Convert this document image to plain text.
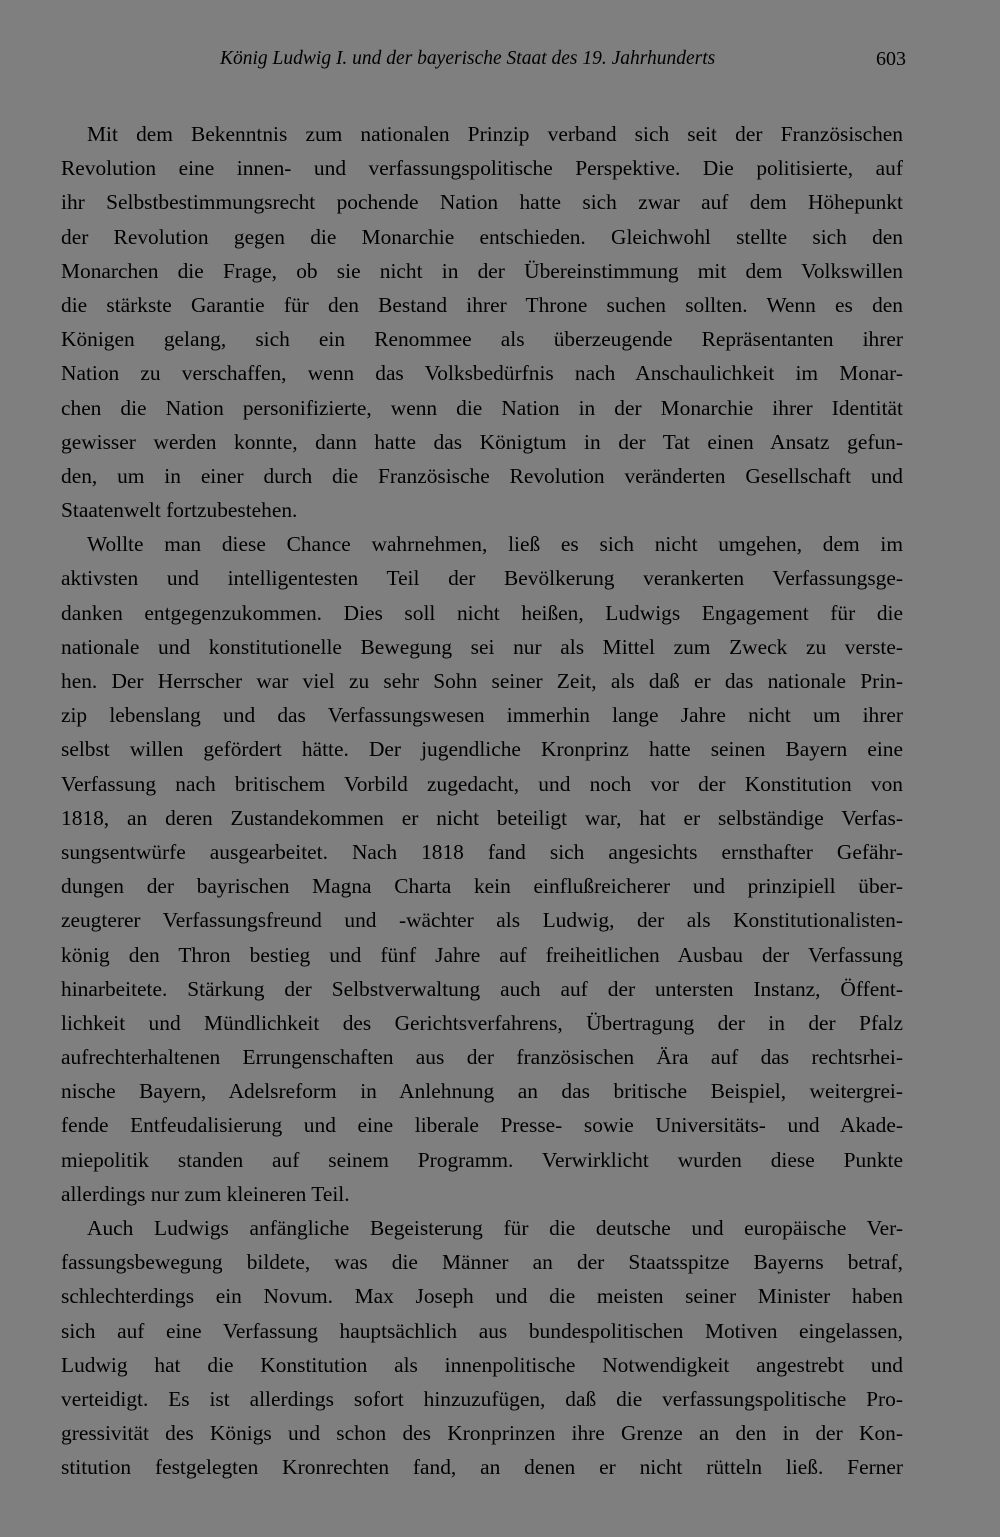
König Ludwig I. und der bayerische Staat des 19. Jahrhunderts	603
Mit dem Bekenntnis zum nationalen Prinzip verband sich seit der Französischen
Revolution eine innen- und verfassungspolitische Perspektive. Die politisierte, auf
ihr Selbstbestimmungsrecht pochende Nation hatte sich zwar auf dem Höhepunkt
der Revolution gegen die Monarchie entschieden. Gleichwohl stellte sich den
Monarchen die Frage, ob sie nicht in der Übereinstimmung mit dem Volkswillen
die stärkste Garantie für den Bestand ihrer Throne suchen sollten. Wenn es den
Königen gelang, sich ein Renommee als überzeugende Repräsentanten ihrer
Nation zu verschaffen, wenn das Volksbedürfnis nach Anschaulichkeit im Monar-
chen die Nation personifizierte, wenn die Nation in der Monarchie ihrer Identität
gewisser werden konnte, dann hatte das Königtum in der Tat einen Ansatz gefun-
den, um in einer durch die Französische Revolution veränderten Gesellschaft und
Staatenwelt fortzubestehen.
Wollte man diese Chance wahrnehmen, ließ es sich nicht umgehen, dem im
aktivsten und intelligentesten Teil der Bevölkerung verankerten Verfassungsge-
danken entgegenzukommen. Dies soll nicht heißen, Ludwigs Engagement für die
nationale und konstitutionelle Bewegung sei nur als Mittel zum Zweck zu verste-
hen. Der Herrscher war viel zu sehr Sohn seiner Zeit, als daß er das nationale Prin-
zip lebenslang und das Verfassungswesen immerhin lange Jahre nicht um ihrer
selbst willen gefördert hätte. Der jugendliche Kronprinz hatte seinen Bayern eine
Verfassung nach britischem Vorbild zugedacht, und noch vor der Konstitution von
1818, an deren Zustandekommen er nicht beteiligt war, hat er selbständige Verfas-
sungsentwürfe ausgearbeitet. Nach 1818 fand sich angesichts ernsthafter Gefähr-
dungen der bayrischen Magna Charta kein einflußreicherer und prinzipiell über-
zeugterer Verfassungsfreund und -wächter als Ludwig, der als Konstitutionalisten-
könig den Thron bestieg und fünf Jahre auf freiheitlichen Ausbau der Verfassung
hinarbeitete. Stärkung der Selbstverwaltung auch auf der untersten Instanz, Öffent-
lichkeit und Mündlichkeit des Gerichtsverfahrens, Übertragung der in der Pfalz
aufrechterhaltenen Errungenschaften aus der französischen Ära auf das rechtsrhei-
nische Bayern, Adelsreform in Anlehnung an das britische Beispiel, weitergrei-
fende Entfeudalisierung und eine liberale Presse- sowie Universitäts- und Akade-
miepolitik standen auf seinem Programm. Verwirklicht wurden diese Punkte
allerdings nur zum kleineren Teil.
Auch Ludwigs anfängliche Begeisterung für die deutsche und europäische Ver-
fassungsbewegung bildete, was die Männer an der Staatsspitze Bayerns betraf,
schlechterdings ein Novum. Max Joseph und die meisten seiner Minister haben
sich auf eine Verfassung hauptsächlich aus bundespolitischen Motiven eingelassen,
Ludwig hat die Konstitution als innenpolitische Notwendigkeit angestrebt und
verteidigt. Es ist allerdings sofort hinzuzufügen, daß die verfassungspolitische Pro-
gressivität des Königs und schon des Kronprinzen ihre Grenze an den in der Kon-
stitution festgelegten Kronrechten fand, an denen er nicht rütteln ließ. Ferner
